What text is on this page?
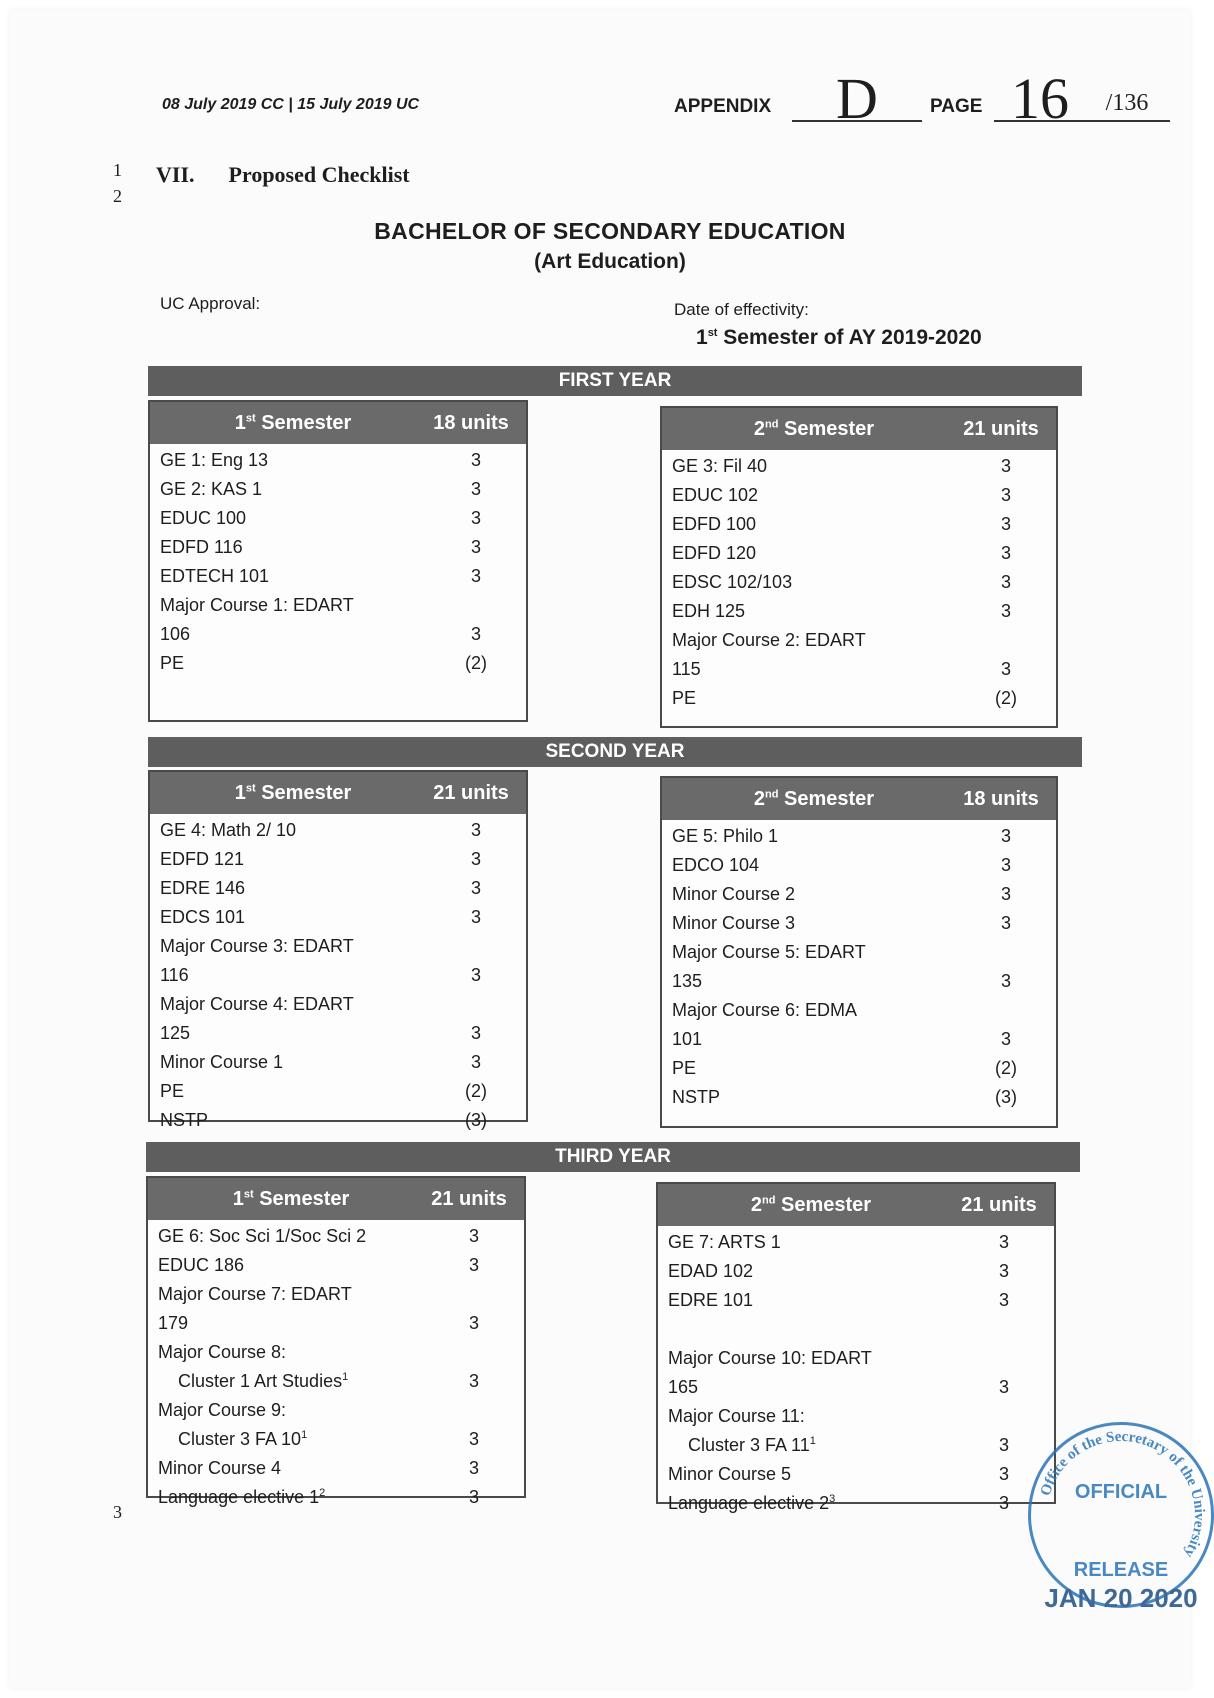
08 July 2019 CC | 15 July 2019 UC	APPENDIX	D	PAGE 16	/136
1
2
3
VII. Proposed Checklist
BACHELOR OF SECONDARY EDUCATION
(Art Education)
UC Approval:	Date of effectivity:
1st Semester of AY 2019-2020
FIRST YEAR
1st Semester	18 units
GE 1: Eng 13	3
GE 2: KAS 1	3
EDUC 100	3
EDFD 116	3
EDTECH 101	3
Major Course 1: EDART
106	3
PE	(2)
2nd Semester	21 units
GE 3: Fil 40	3
EDUC 102	3
EDFD 100	3
EDFD 120	3
EDSC 102/103	3
EDH 125	3
Major Course 2: EDART
115	3
PE	(2)
SECOND YEAR
1st Semester	21 units
GE 4: Math 2/ 10	3
EDFD 121	3
EDRE 146	3
EDCS 101	3
Major Course 3: EDART
116	3
Major Course 4: EDART
125	3
Minor Course 1	3
PE	(2)
NSTP	(3)
2nd Semester	18 units
GE 5: Philo 1	3
EDCO 104	3
Minor Course 2	3
Minor Course 3	3
Major Course 5: EDART
135	3
Major Course 6: EDMA
101	3
PE	(2)
NSTP	(3)
THIRD YEAR
1st Semester	21 units
GE 6: Soc Sci 1/Soc Sci 2	3
EDUC 186	3
Major Course 7: EDART
179	3
Major Course 8:
Cluster 1 Art Studies$^1$	3
Major Course 9:
Cluster 3 FA $10^1$	3
Minor Course 4	3
Language elective $1^2$	3
2nd Semester	21 units
GE 7: ARTS 1	3
EDAD 102	3
EDRE 101	3

Major Course 10: EDART
165	3
Major Course 11:
Cluster 3 FA $11^1$	3
Minor Course 5	3
Language elective $2^3$	3
Office of the Secretary of the University
OFFICIAL
RELEASE
JAN 20 2020
